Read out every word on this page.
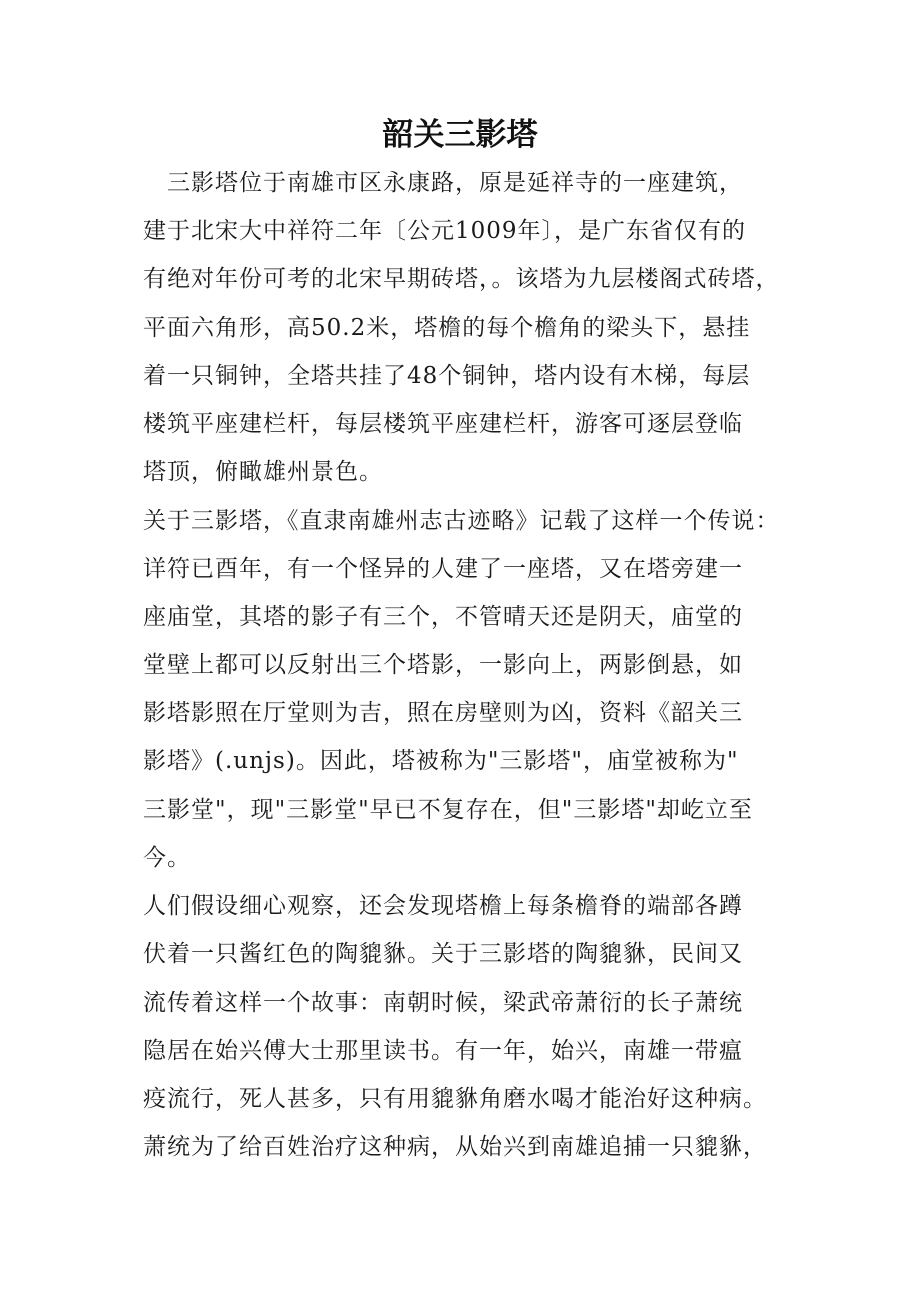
韶关三影塔
三影塔位于南雄市区永康路，原是延祥寺的一座建筑，
建于北宋大中祥符二年〔公元1009年〕，是广东省仅有的
有绝对年份可考的北宋早期砖塔，。该塔为九层楼阁式砖塔，
平面六角形，高50.2米，塔檐的每个檐角的梁头下，悬挂
着一只铜钟，全塔共挂了48个铜钟，塔内设有木梯，每层
楼筑平座建栏杆，每层楼筑平座建栏杆，游客可逐层登临
塔顶，俯瞰雄州景色。
关于三影塔，《直隶南雄州志古迹略》记载了这样一个传说：
详符已酉年，有一个怪异的人建了一座塔，又在塔旁建一
座庙堂，其塔的影子有三个，不管晴天还是阴天，庙堂的
堂壁上都可以反射出三个塔影，一影向上，两影倒悬，如
影塔影照在厅堂则为吉，照在房壁则为凶，资料《韶关三
影塔》(.unjs)。因此，塔被称为"三影塔"，庙堂被称为"
三影堂"，现"三影堂"早已不复存在，但"三影塔"却屹立至
今。
人们假设细心观察，还会发现塔檐上每条檐脊的端部各蹲
伏着一只酱红色的陶貔貅。关于三影塔的陶貔貅，民间又
流传着这样一个故事：南朝时候，梁武帝萧衍的长子萧统
隐居在始兴傅大士那里读书。有一年，始兴，南雄一带瘟
疫流行，死人甚多，只有用貔貅角磨水喝才能治好这种病。
萧统为了给百姓治疗这种病，从始兴到南雄追捕一只貔貅，
